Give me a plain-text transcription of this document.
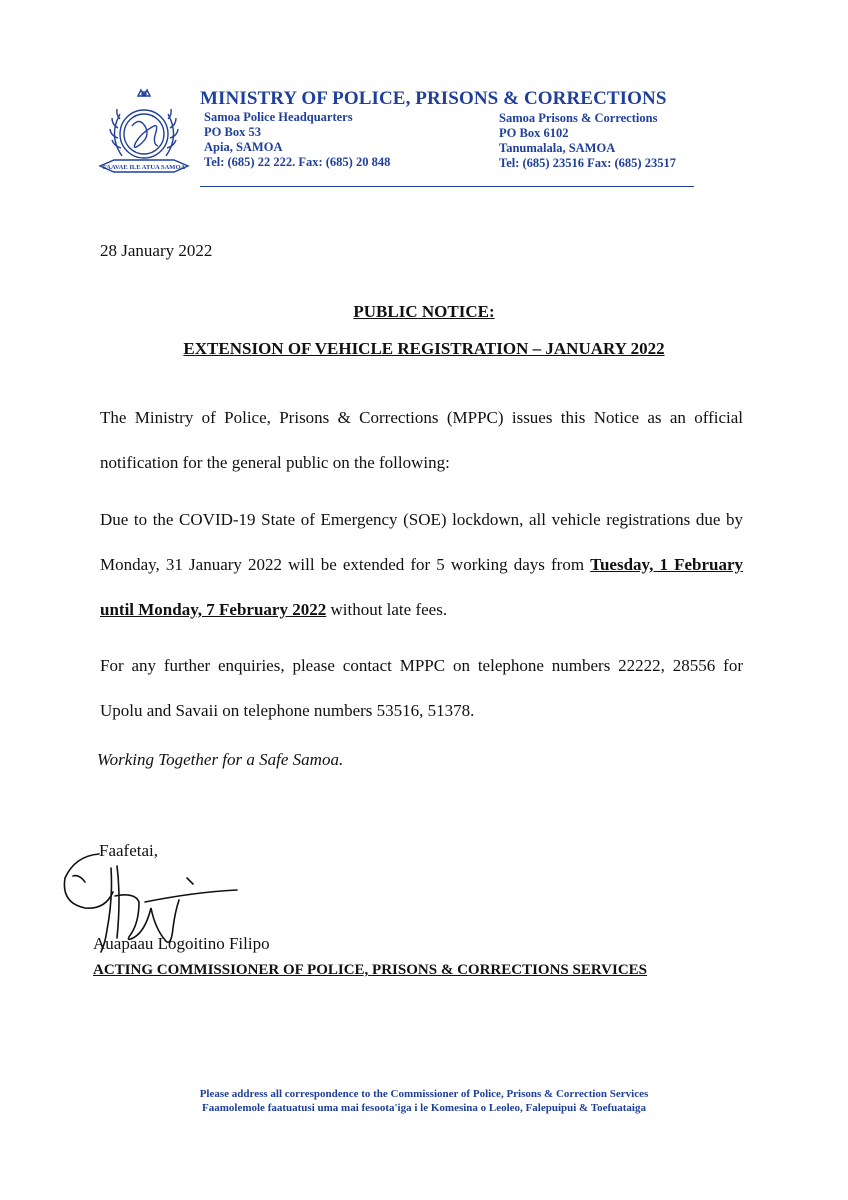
FAAVAE ILE ATUA SAMOA
MINISTRY OF POLICE, PRISONS & CORRECTIONS
Samoa Police Headquarters
PO Box 53
Apia, SAMOA
Tel: (685) 22 222. Fax: (685) 20 848
Samoa Prisons & Corrections
PO Box 6102
Tanumalala, SAMOA
Tel: (685) 23516 Fax: (685) 23517
28 January 2022
PUBLIC NOTICE:
EXTENSION OF VEHICLE REGISTRATION – JANUARY 2022
The Ministry of Police, Prisons & Corrections (MPPC) issues this Notice as an official notification for the general public on the following:
Due to the COVID-19 State of Emergency (SOE) lockdown, all vehicle registrations due by Monday, 31 January 2022 will be extended for 5 working days from Tuesday, 1 February until Monday, 7 February 2022 without late fees.
For any further enquiries, please contact MPPC on telephone numbers 22222, 28556 for Upolu and Savaii on telephone numbers 53516, 51378.
Working Together for a Safe Samoa.
Faafetai,
Auapaau Logoitino Filipo
ACTING COMMISSIONER OF POLICE, PRISONS & CORRECTIONS SERVICES
Please address all correspondence to the Commissioner of Police, Prisons & Correction Services
Faamolemole faatuatusi uma mai fesoota'iga i le Komesina o Leoleo, Falepuipui & Toefuataiga
